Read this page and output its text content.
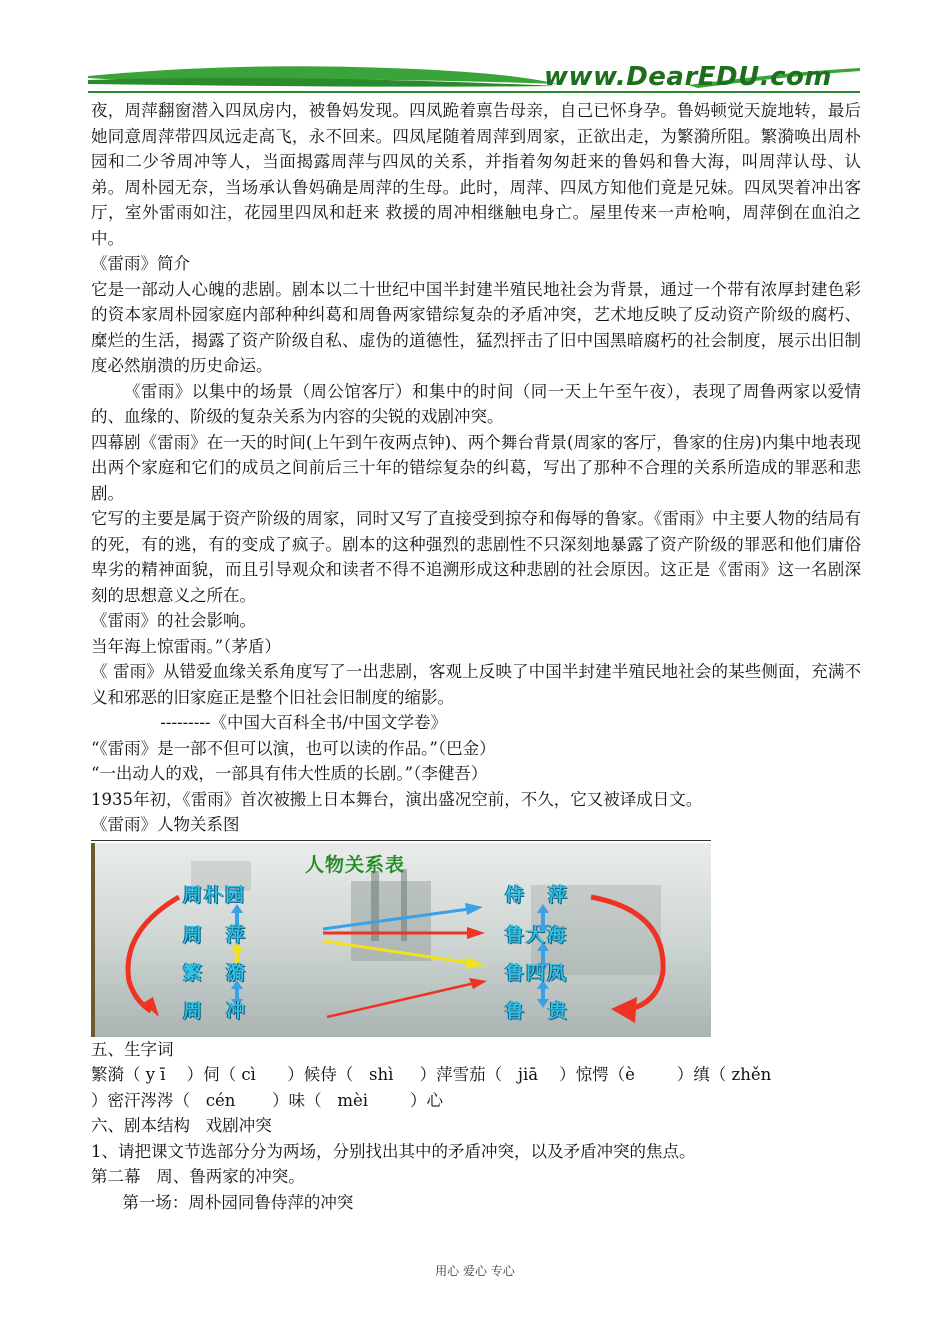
www.DearEDU.com

夜，周萍翻窗潜入四凤房内，被鲁妈发现。四凤跪着禀告母亲，自己已怀身孕。鲁妈顿觉天旋地转，最后她同意周萍带四凤远走高飞，永不回来。四凤尾随着周萍到周家，正欲出走，为繁漪所阻。繁漪唤出周朴园和二少爷周冲等人，当面揭露周萍与四凤的关系，并指着匆匆赶来的鲁妈和鲁大海，叫周萍认母、认弟。周朴园无奈，当场承认鲁妈确是周萍的生母。此时，周萍、四凤方知他们竟是兄妹。四凤哭着冲出客厅，室外雷雨如注，花园里四凤和赶来 救援的周冲相继触电身亡。屋里传来一声枪响，周萍倒在血泊之中。

《雷雨》简介

它是一部动人心魄的悲剧。剧本以二十世纪中国半封建半殖民地社会为背景，通过一个带有浓厚封建色彩的资本家周朴园家庭内部种种纠葛和周鲁两家错综复杂的矛盾冲突，艺术地反映了反动资产阶级的腐朽、糜烂的生活，揭露了资产阶级自私、虚伪的道德性，猛烈抨击了旧中国黑暗腐朽的社会制度，展示出旧制度必然崩溃的历史命运。

《雷雨》以集中的场景（周公馆客厅）和集中的时间（同一天上午至午夜），表现了周鲁两家以爱情的、血缘的、阶级的复杂关系为内容的尖锐的戏剧冲突。

四幕剧《雷雨》在一天的时间(上午到午夜两点钟)、两个舞台背景(周家的客厅，鲁家的住房)内集中地表现出两个家庭和它们的成员之间前后三十年的错综复杂的纠葛，写出了那种不合理的关系所造成的罪恶和悲剧。

它写的主要是属于资产阶级的周家，同时又写了直接受到掠夺和侮辱的鲁家。《雷雨》中主要人物的结局有的死，有的逃，有的变成了疯子。剧本的这种强烈的悲剧性不只深刻地暴露了资产阶级的罪恶和他们庸俗卑劣的精神面貌，而且引导观众和读者不得不追溯形成这种悲剧的社会原因。这正是《雷雨》这一名剧深刻的思想意义之所在。

《雷雨》的社会影响。

当年海上惊雷雨。”（茅盾）

《 雷雨》从错爱血缘关系角度写了一出悲剧，客观上反映了中国半封建半殖民地社会的某些侧面，充满不义和邪恶的旧家庭正是整个旧社会旧制度的缩影。

---------《中国大百科全书/中国文学卷》

“《雷雨》是一部不但可以演，也可以读的作品。”（巴金）

“一出动人的戏，一部具有伟大性质的长剧。”（李健吾）

1935年初，《雷雨》首次被搬上日本舞台，演出盛况空前，不久，它又被译成日文。

《雷雨》人物关系图

人物关系表
周朴园
周萍
繁漪
周冲
侍萍
鲁大海
鲁四凤
鲁贵

五、生字词

繁漪（ y ī    ）伺（ cì      ）候侍（   shì     ）萍雪茄（   jiā    ）惊愕（è        ）缜（ zhěn

）密汗涔涔（   cén       ）味（   mèi        ）心

六、剧本结构   戏剧冲突

1、请把课文节选部分分为两场，分别找出其中的矛盾冲突，以及矛盾冲突的焦点。

第二幕   周、鲁两家的冲突。

第一场：周朴园同鲁侍萍的冲突

用心 爱心 专心
